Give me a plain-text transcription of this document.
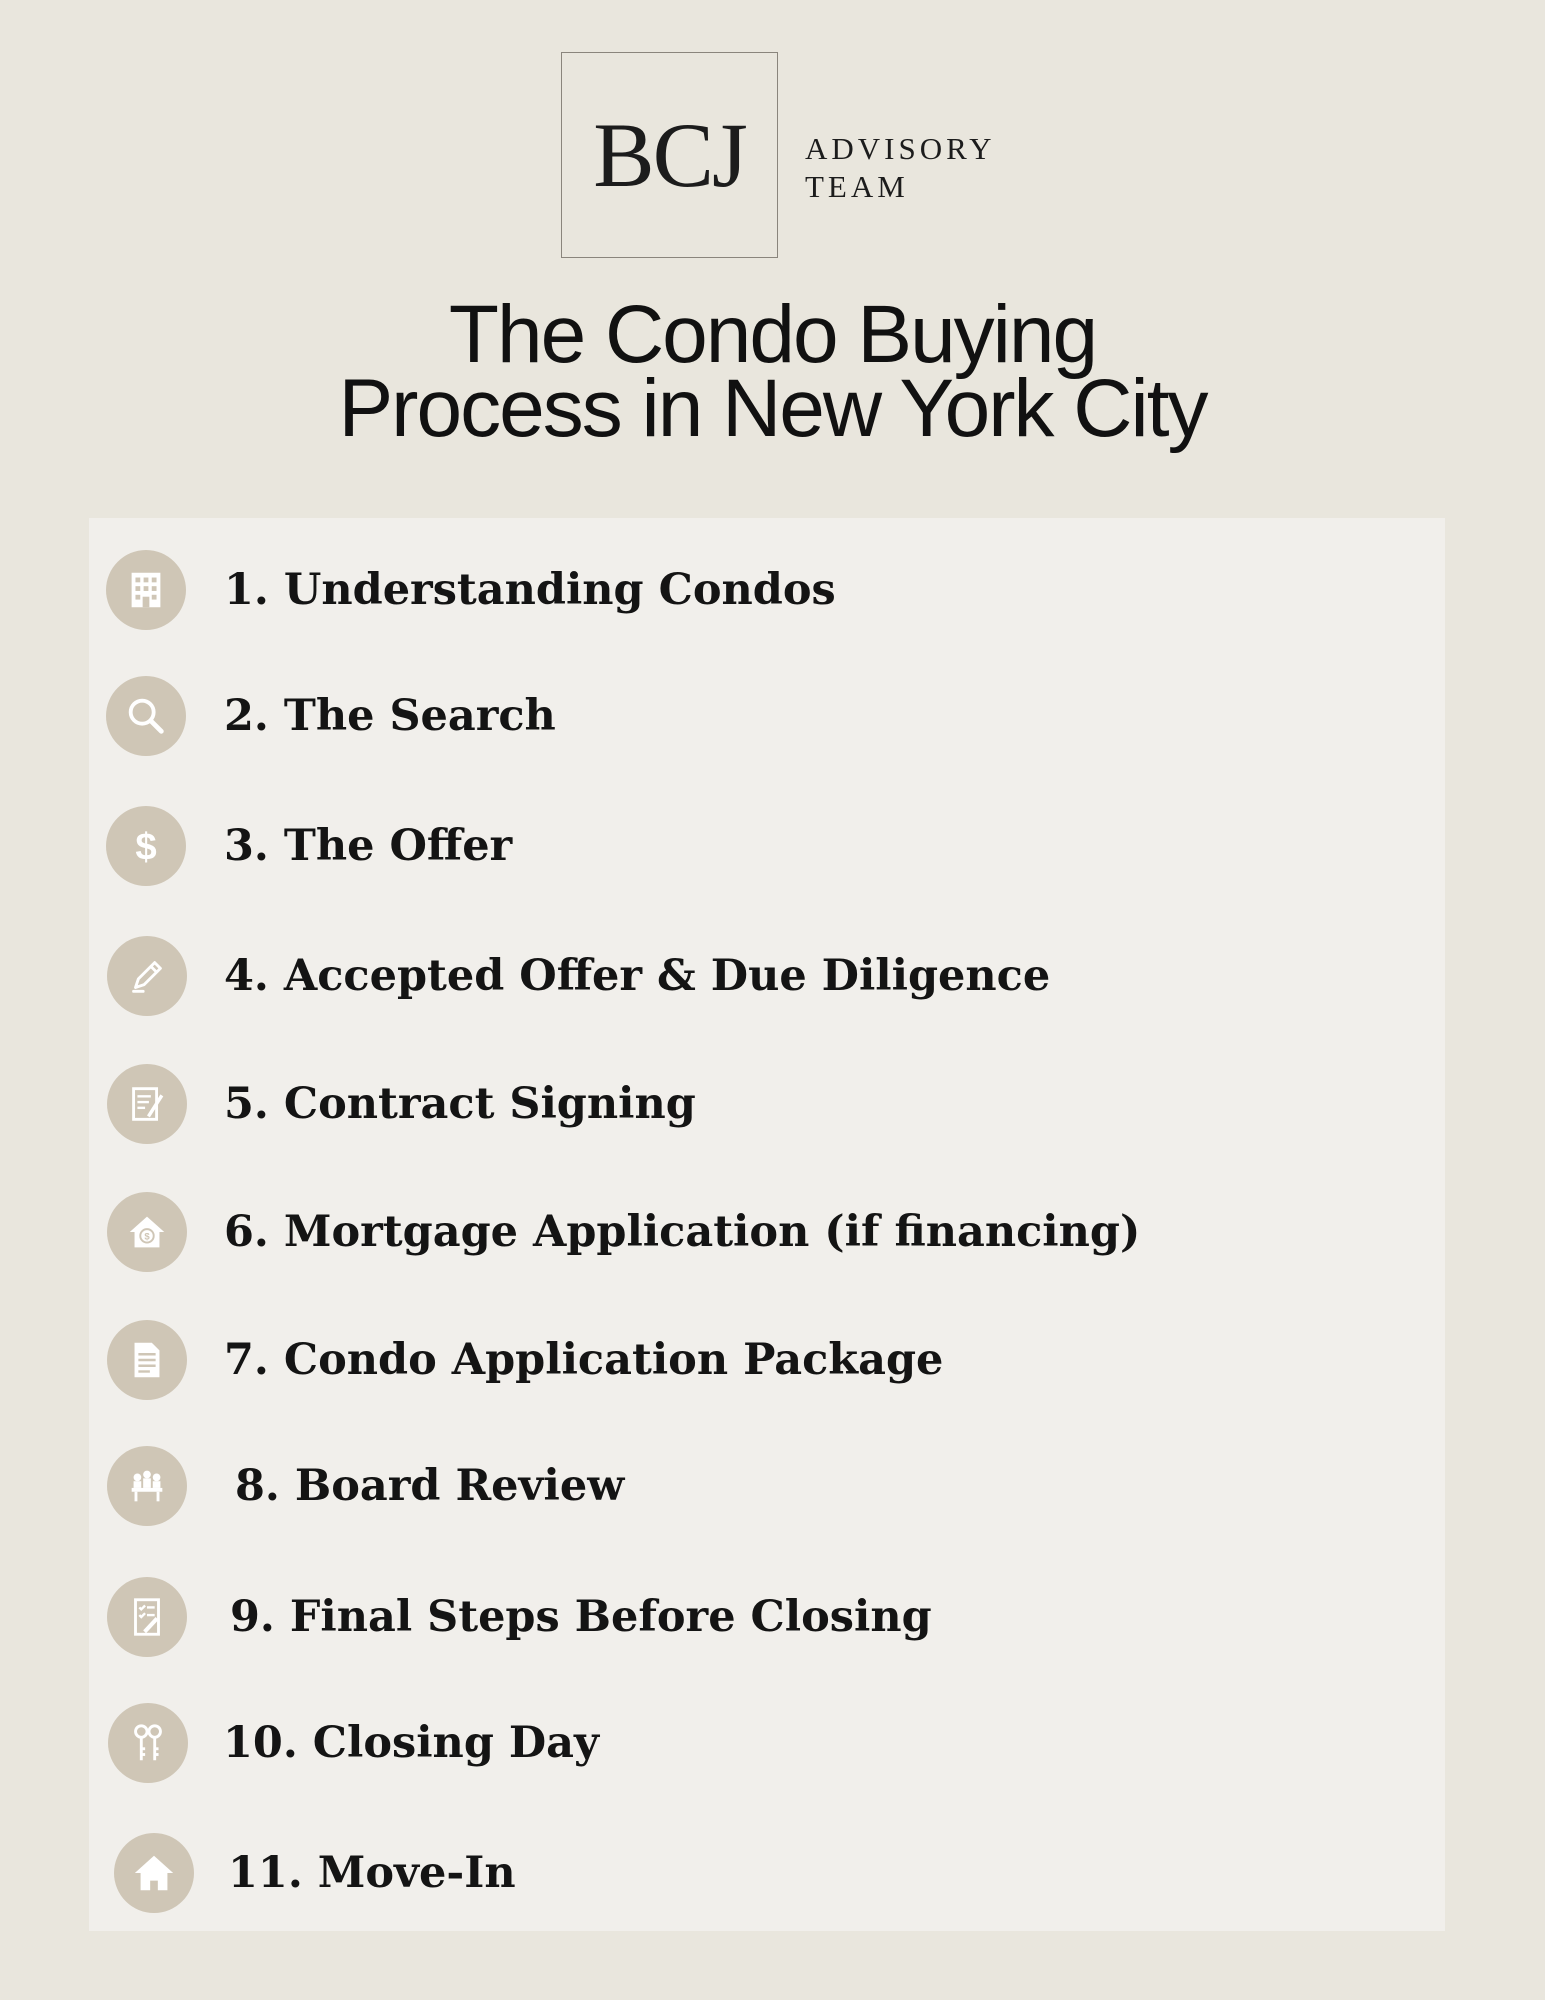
BCJ ADVISORY
TEAM
The Condo Buying
Process in New York City
1. Understanding Condos
2. The Search
$ 3. The Offer
4. Accepted Offer & Due Diligence
5. Contract Signing
$ 6. Mortgage Application (if financing)
7. Condo Application Package
8. Board Review
9. Final Steps Before Closing
10. Closing Day
11. Move-In
